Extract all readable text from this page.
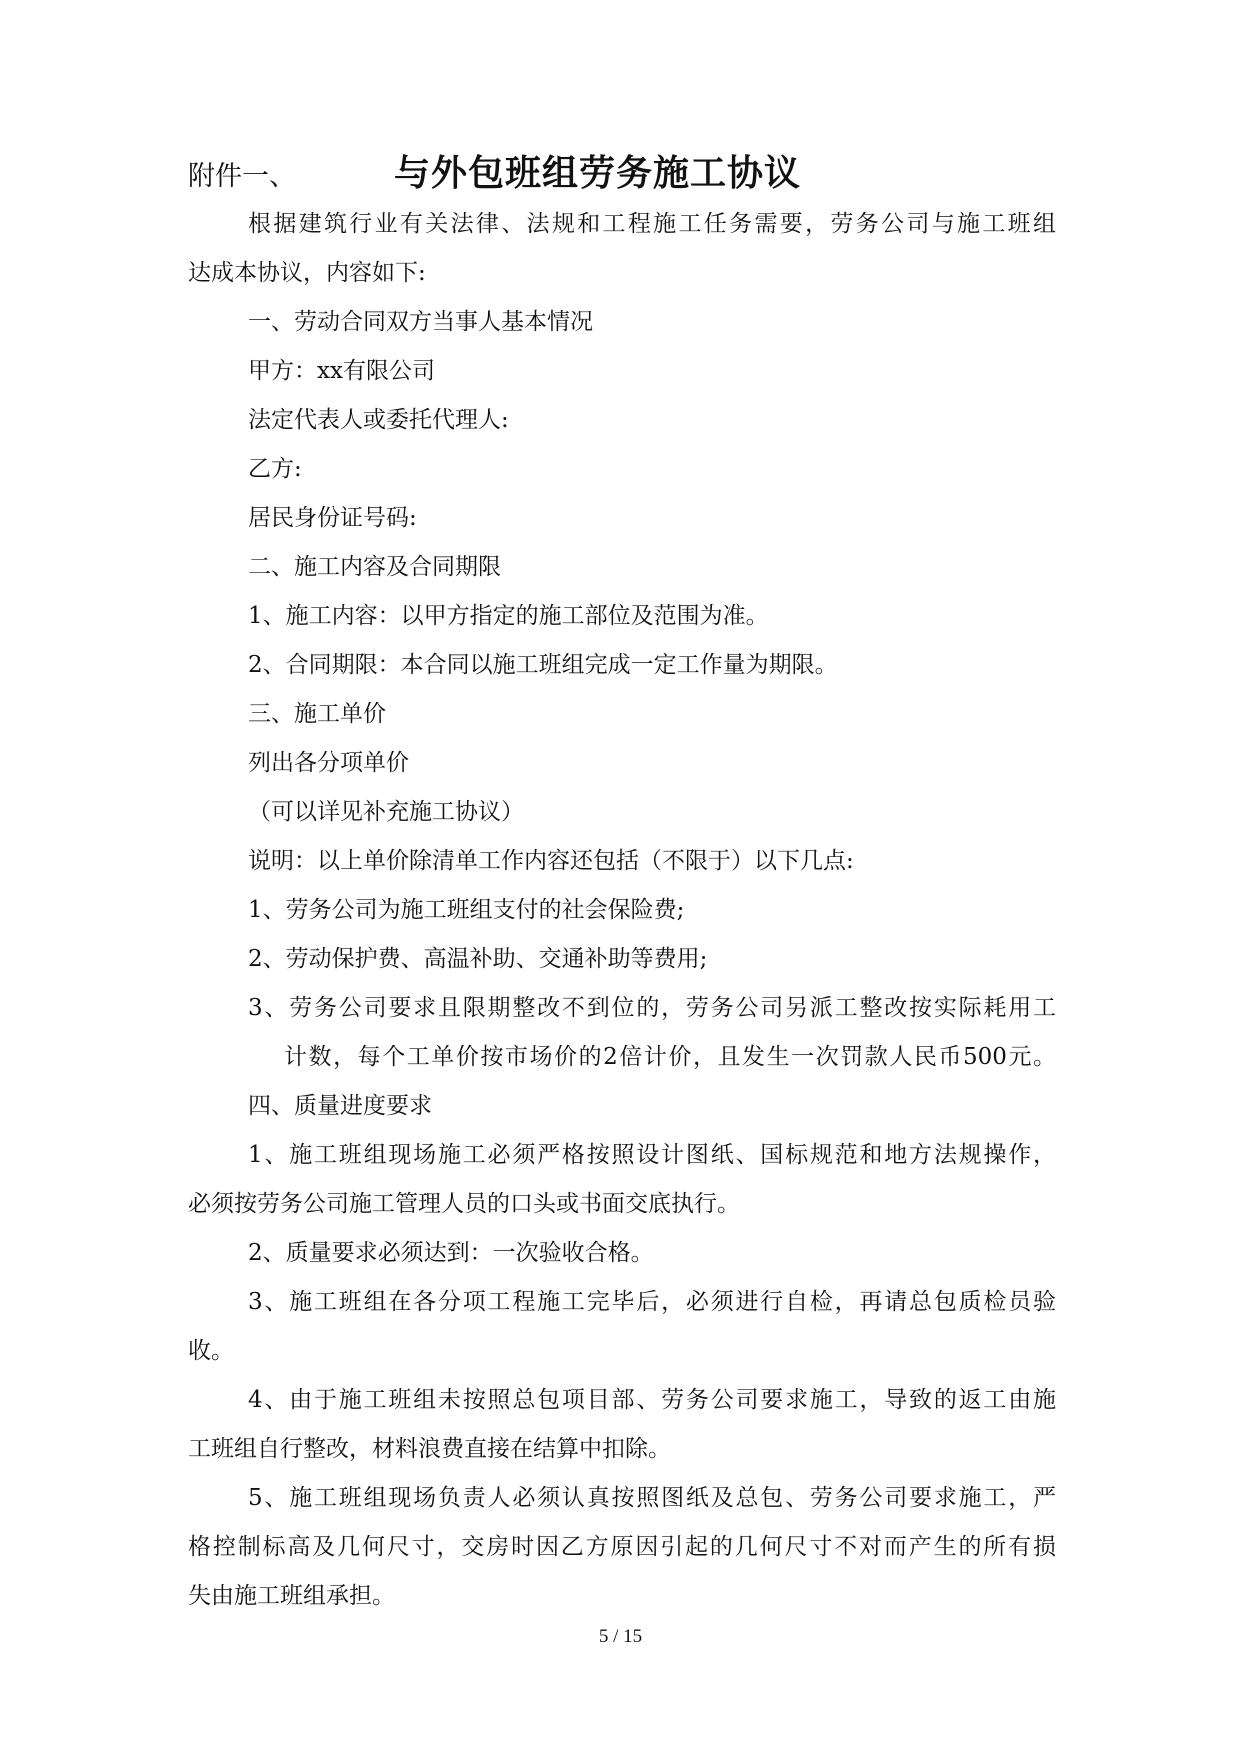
附件一、	与外包班组劳务施工协议

根据建筑行业有关法律、法规和工程施工任务需要，劳务公司与施工班组

达成本协议，内容如下:

一、劳动合同双方当事人基本情况

甲方：xx有限公司

法定代表人或委托代理人:

乙方:

居民身份证号码:

二、施工内容及合同期限

1、施工内容：以甲方指定的施工部位及范围为准。

2、合同期限：本合同以施工班组完成一定工作量为期限。

三、施工单价

列出各分项单价

（可以详见补充施工协议）

说明：以上单价除清单工作内容还包括（不限于）以下几点:

1、劳务公司为施工班组支付的社会保险费;

2、劳动保护费、高温补助、交通补助等费用;

3、劳务公司要求且限期整改不到位的，劳务公司另派工整改按实际耗用工

计数，每个工单价按市场价的2倍计价，且发生一次罚款人民币500元。

四、质量进度要求

1、施工班组现场施工必须严格按照设计图纸、国标规范和地方法规操作，

必须按劳务公司施工管理人员的口头或书面交底执行。

2、质量要求必须达到：一次验收合格。

3、施工班组在各分项工程施工完毕后，必须进行自检，再请总包质检员验

收。

4、由于施工班组未按照总包项目部、劳务公司要求施工，导致的返工由施

工班组自行整改，材料浪费直接在结算中扣除。

5、施工班组现场负责人必须认真按照图纸及总包、劳务公司要求施工，严

格控制标高及几何尺寸，交房时因乙方原因引起的几何尺寸不对而产生的所有损

失由施工班组承担。

5 / 15
